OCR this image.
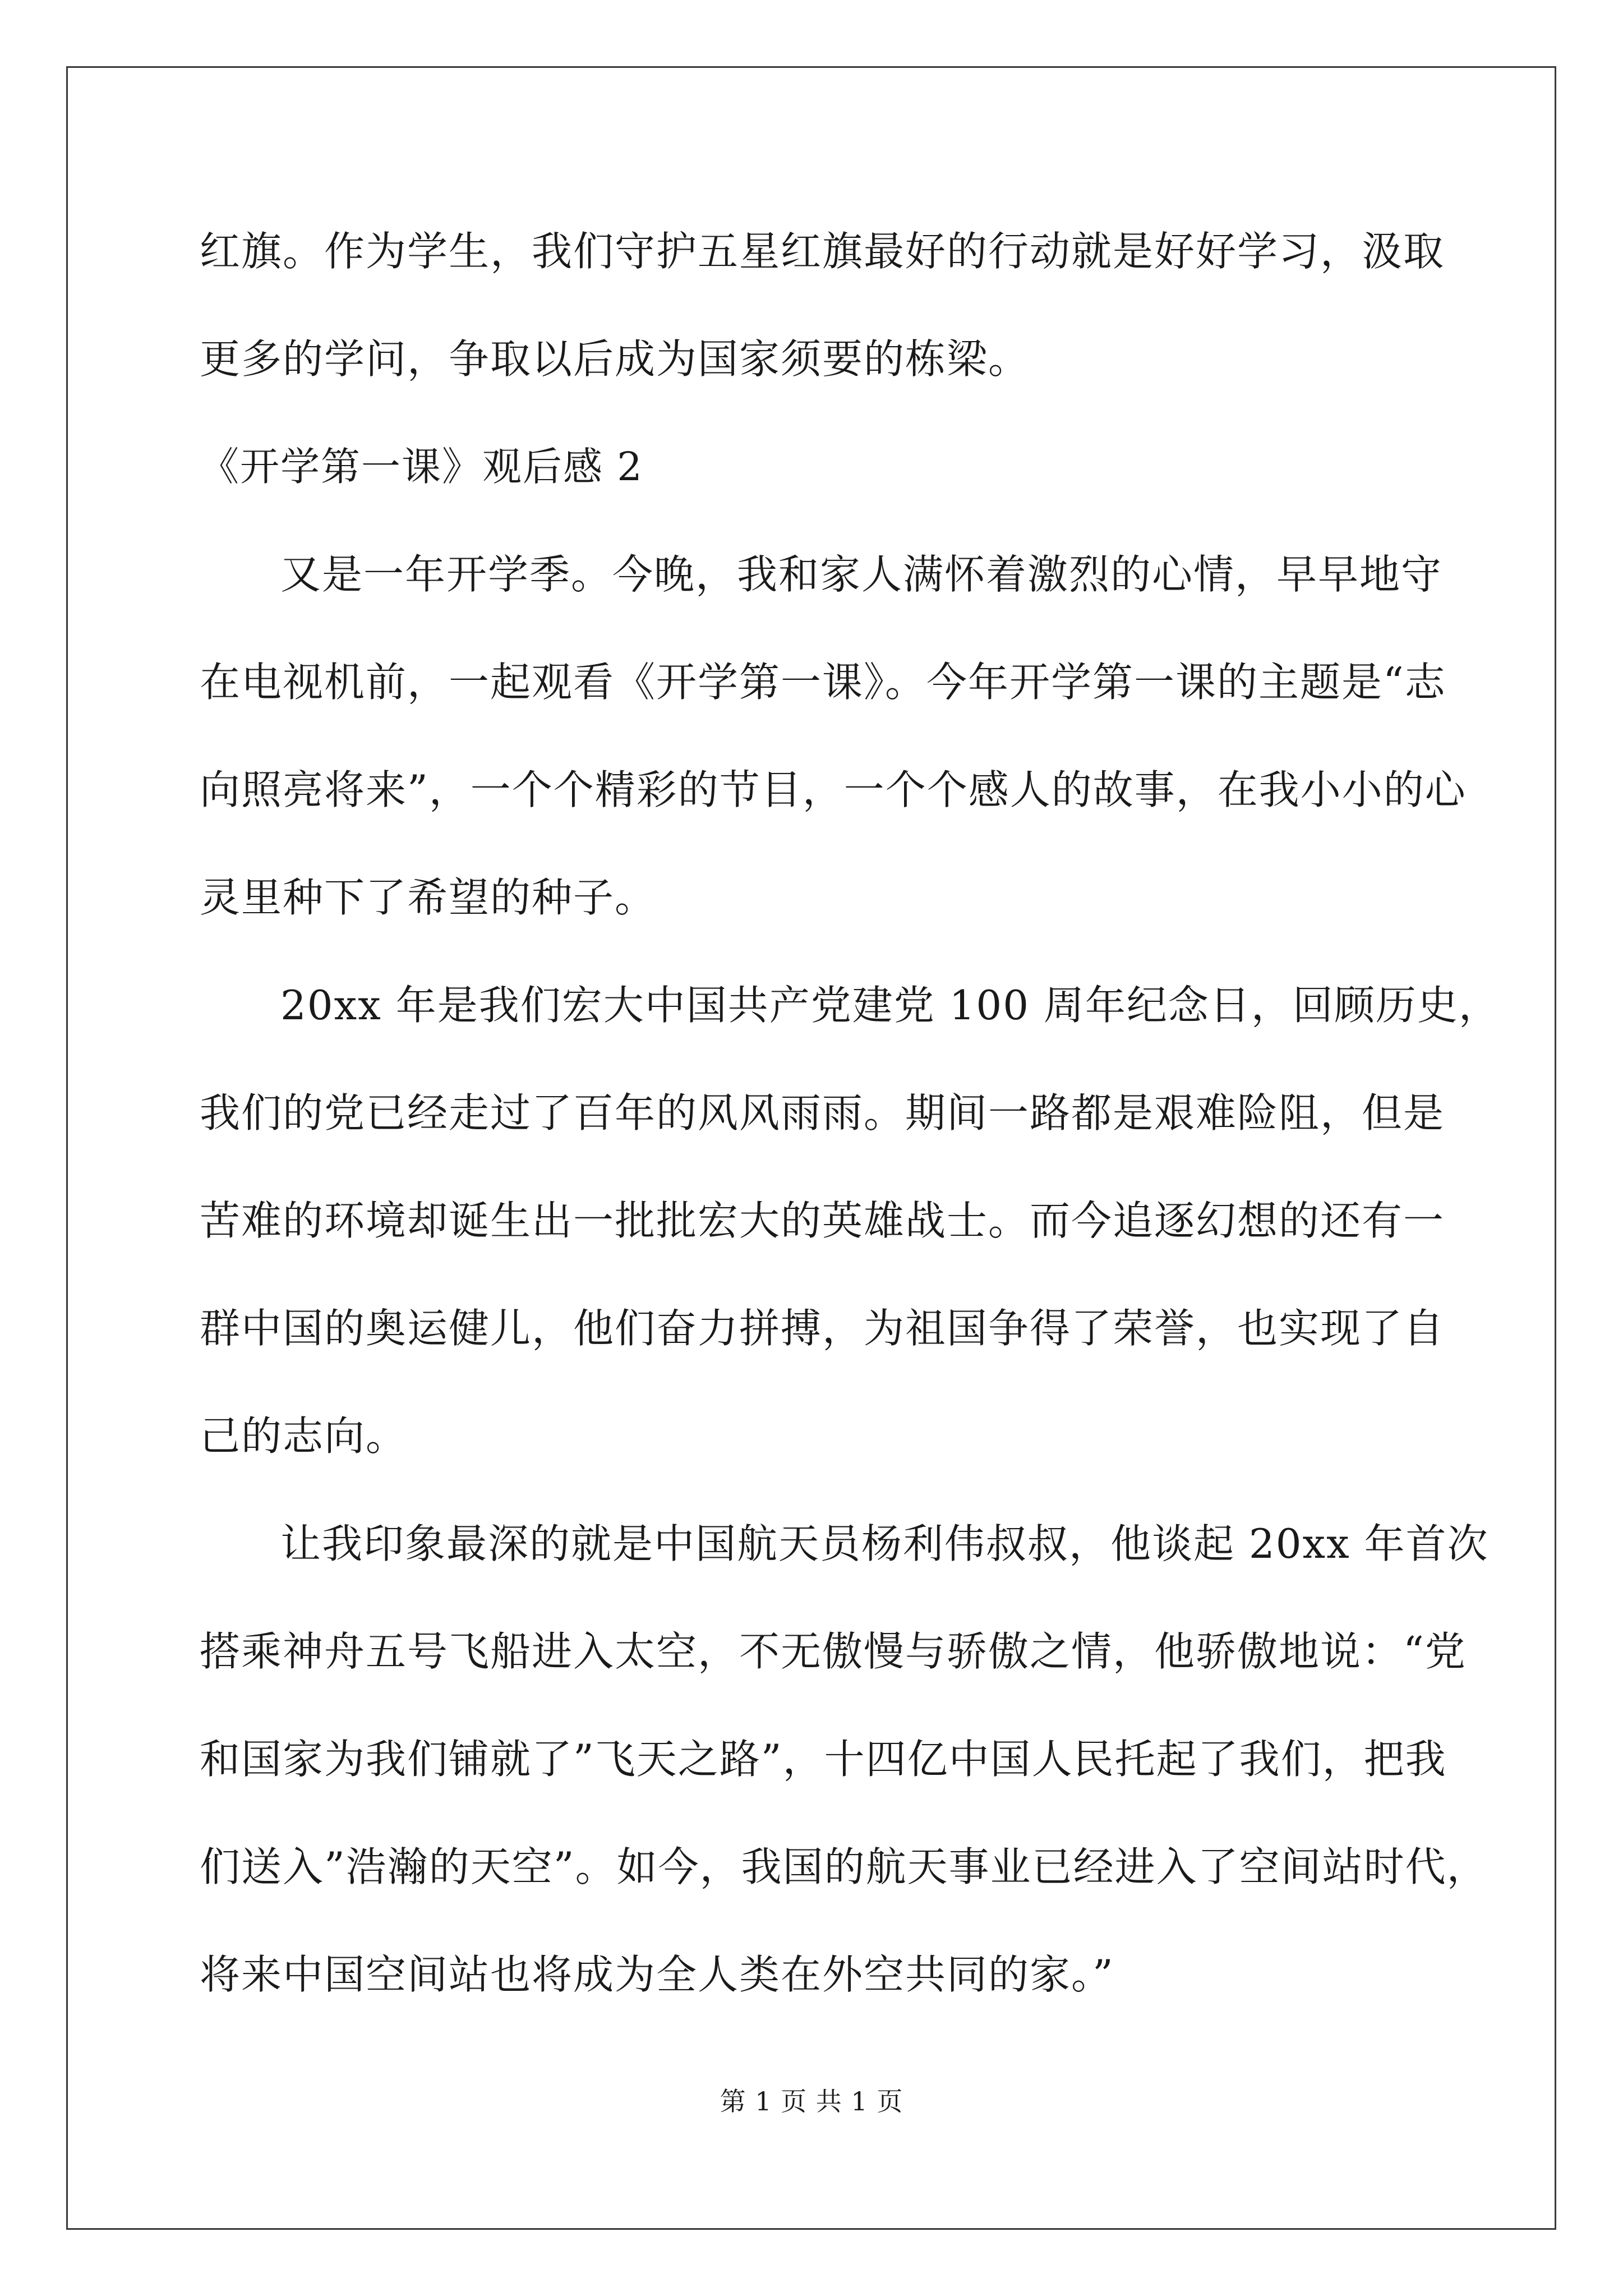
红旗。作为学生，我们守护五星红旗最好的行动就是好好学习，汲取
更多的学问，争取以后成为国家须要的栋梁。
《开学第一课》观后感 2
又是一年开学季。今晚，我和家人满怀着激烈的心情，早早地守
在电视机前，一起观看《开学第一课》。今年开学第一课的主题是“志
向照亮将来”，一个个精彩的节目，一个个感人的故事，在我小小的心
灵里种下了希望的种子。
20xx 年是我们宏大中国共产党建党 100 周年纪念日，回顾历史，
我们的党已经走过了百年的风风雨雨。期间一路都是艰难险阻，但是
苦难的环境却诞生出一批批宏大的英雄战士。而今追逐幻想的还有一
群中国的奥运健儿，他们奋力拼搏，为祖国争得了荣誉，也实现了自
己的志向。
让我印象最深的就是中国航天员杨利伟叔叔，他谈起 20xx 年首次
搭乘神舟五号飞船进入太空，不无傲慢与骄傲之情，他骄傲地说：“党
和国家为我们铺就了”飞天之路”，十四亿中国人民托起了我们，把我
们送入”浩瀚的天空”。如今，我国的航天事业已经进入了空间站时代，
将来中国空间站也将成为全人类在外空共同的家。”
第 1 页 共 1 页
